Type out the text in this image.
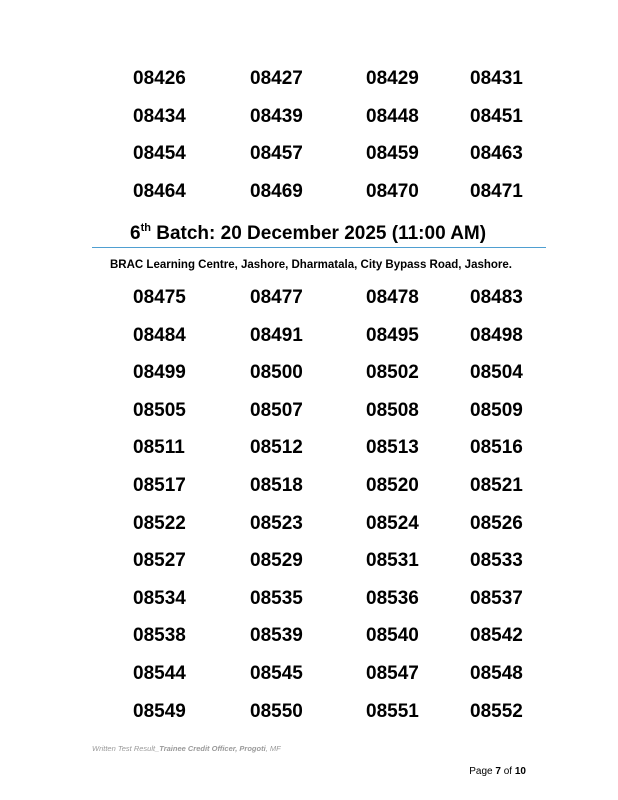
08426	08427	08429	08431
08434	08439	08448	08451
08454	08457	08459	08463
08464	08469	08470	08471
6th Batch: 20 December 2025 (11:00 AM)
BRAC Learning Centre, Jashore, Dharmatala, City Bypass Road, Jashore.
08475	08477	08478	08483
08484	08491	08495	08498
08499	08500	08502	08504
08505	08507	08508	08509
08511	08512	08513	08516
08517	08518	08520	08521
08522	08523	08524	08526
08527	08529	08531	08533
08534	08535	08536	08537
08538	08539	08540	08542
08544	08545	08547	08548
08549	08550	08551	08552
Written Test Result_Trainee Credit Officer, Progoti, MF
Page 7 of 10
